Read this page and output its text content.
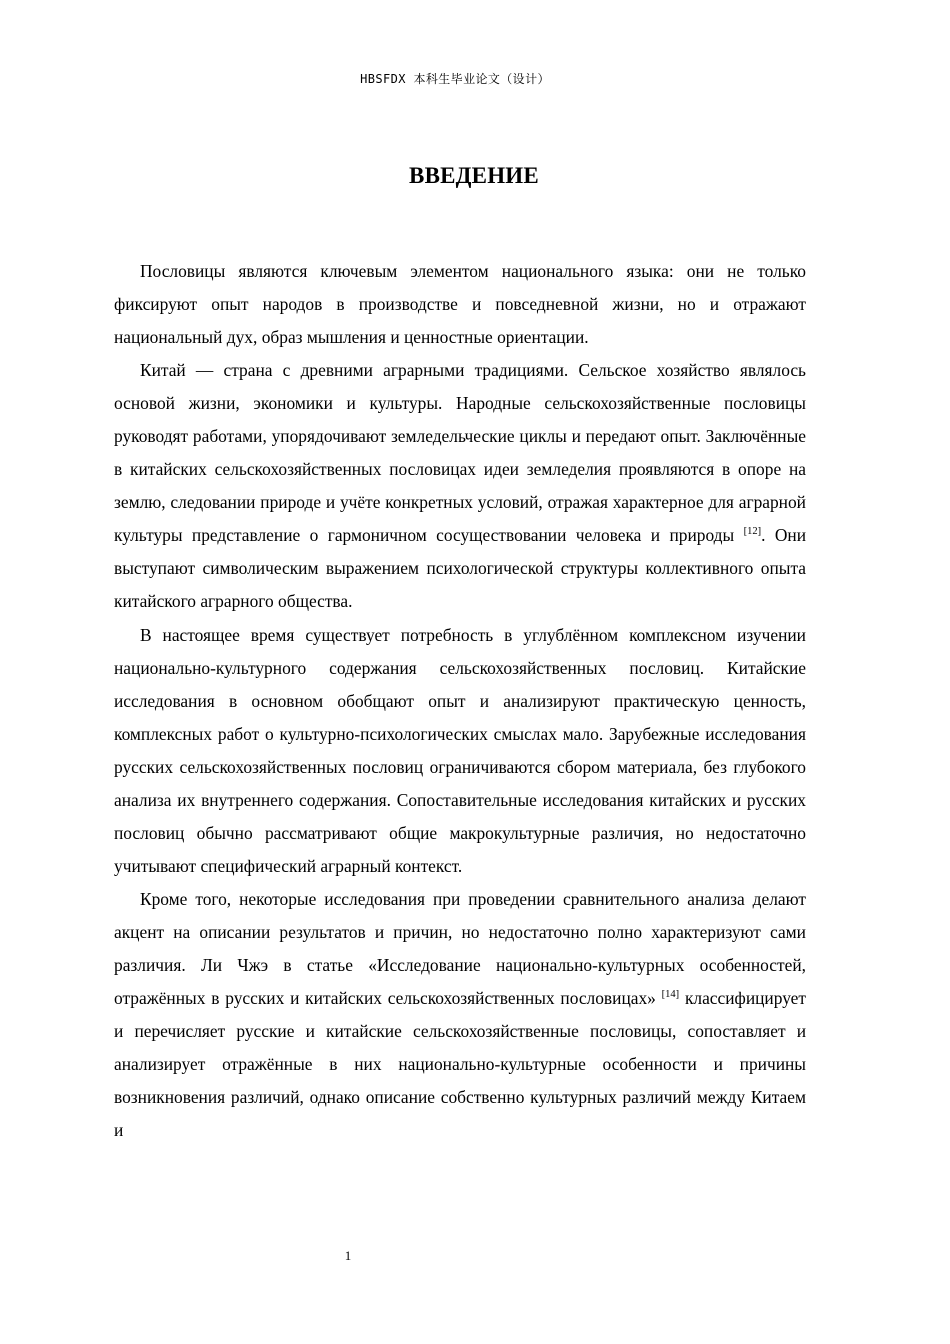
HBSFDX 本科生毕业论文（设计）
ВВЕДЕНИЕ

Пословицы являются ключевым элементом национального языка: они не только фиксируют опыт народов в производстве и повседневной жизни, но и отражают национальный дух, образ мышления и ценностные ориентации.

Китай — страна с древними аграрными традициями. Сельское хозяйство являлось основой жизни, экономики и культуры. Народные сельскохозяйственные пословицы руководят работами, упорядочивают земледельческие циклы и передают опыт. Заключённые в китайских сельскохозяйственных пословицах идеи земледелия проявляются в опоре на землю, следовании природе и учёте конкретных условий, отражая характерное для аграрной культуры представление о гармоничном сосуществовании человека и природы [12]. Они выступают символическим выражением психологической структуры коллективного опыта китайского аграрного общества.

В настоящее время существует потребность в углублённом комплексном изучении национально-культурного содержания сельскохозяйственных пословиц. Китайские исследования в основном обобщают опыт и анализируют практическую ценность, комплексных работ о культурно-психологических смыслах мало. Зарубежные исследования русских сельскохозяйственных пословиц ограничиваются сбором материала, без глубокого анализа их внутреннего содержания. Сопоставительные исследования китайских и русских пословиц обычно рассматривают общие макрокультурные различия, но недостаточно учитывают специфический аграрный контекст.

Кроме того, некоторые исследования при проведении сравнительного анализа делают акцент на описании результатов и причин, но недостаточно полно характеризуют сами различия. Ли Чжэ в статье «Исследование национально-культурных особенностей, отражённых в русских и китайских сельскохозяйственных пословицах» [14] классифицирует и перечисляет русские и китайские сельскохозяйственные пословицы, сопоставляет и анализирует отражённые в них национально-культурные особенности и причины возникновения различий, однако описание собственно культурных различий между Китаем и

1
